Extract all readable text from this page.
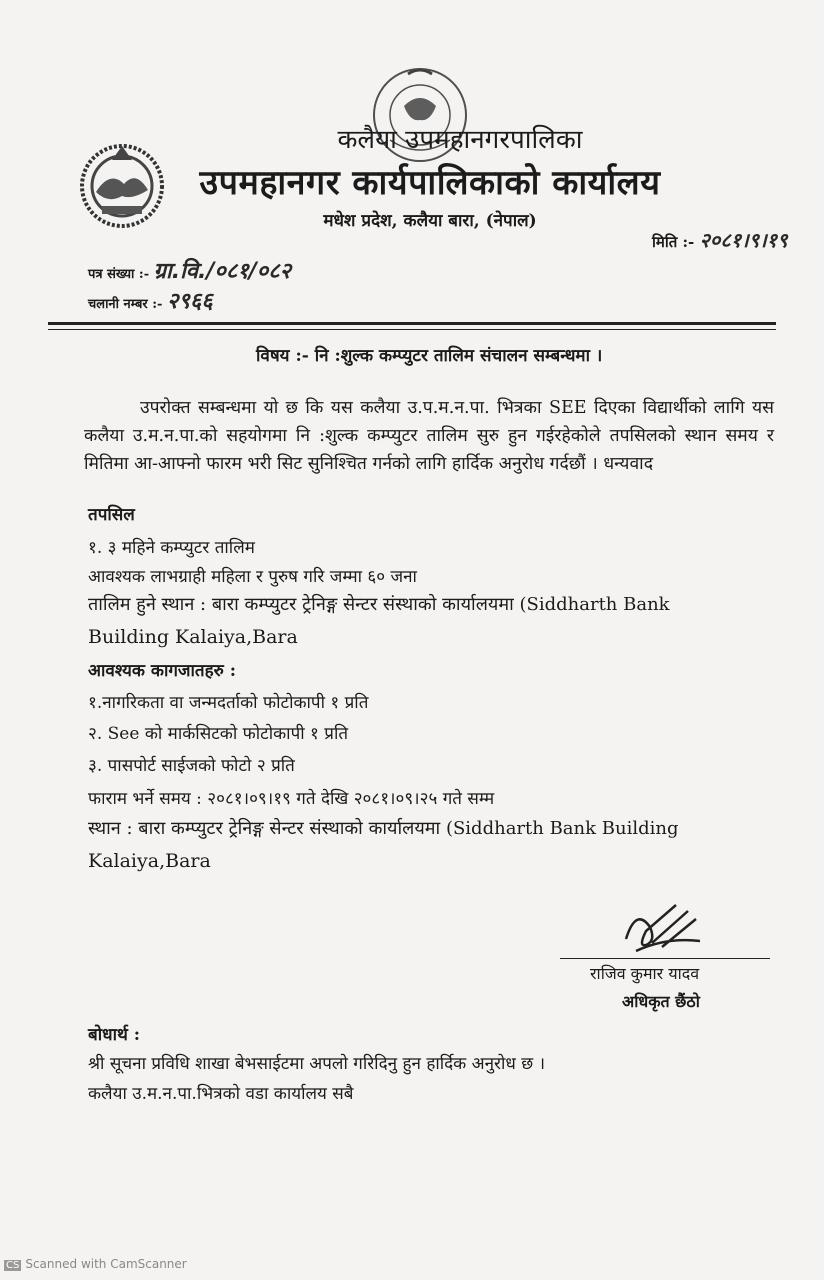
कलैया उपमहानगरपालिका
उपमहानगर कार्यपालिकाको कार्यालय
मधेश प्रदेश, कलैया बारा, (नेपाल)
मिति :- २०८१।९।१९
पत्र संख्या :- ग्रा.वि./०८१/०८२
चलानी नम्बर :- २९६६
विषय :- नि :शुल्क कम्प्युटर तालिम संचालन सम्बन्धमा ।

उपरोक्त सम्बन्धमा यो छ कि यस कलैया उ.प.म.न.पा. भित्रका SEE दिएका विद्यार्थीको लागि यस कलैया उ.म.न.पा.को सहयोगमा नि :शुल्क कम्प्युटर तालिम सुरु हुन गईरहेकोले तपसिलको स्थान समय र मितिमा आ-आफ्नो फारम भरी सिट सुनिश्चित गर्नको लागि हार्दिक अनुरोध गर्दछौं । धन्यवाद

तपसिल
१. ३ महिने कम्प्युटर तालिम
आवश्यक लाभग्राही महिला र पुरुष गरि जम्मा ६० जना
तालिम हुने स्थान : बारा कम्प्युटर ट्रेनिङ्ग सेन्टर संस्थाको कार्यालयमा (Siddharth Bank
Building Kalaiya,Bara
आवश्यक कागजातहरु :
१.नागरिकता वा जन्मदर्ताको फोटोकापी १ प्रति
२. See को मार्कसिटको फोटोकापी १ प्रति
३. पासपोर्ट साईजको फोटो २ प्रति
फाराम भर्ने समय : २०८१।०९।१९ गते देखि २०८१।०९।२५ गते सम्म
स्थान : बारा कम्प्युटर ट्रेनिङ्ग सेन्टर संस्थाको कार्यालयमा (Siddharth Bank Building
Kalaiya,Bara
राजिव कुमार यादव
अधिकृत छैंठो
बोधार्थ :
श्री सूचना प्रविधि शाखा बेभसाईटमा अपलो गरिदिनु हुन हार्दिक अनुरोध छ ।
कलैया उ.म.न.पा.भित्रको वडा कार्यालय सबै
CS Scanned with CamScanner
